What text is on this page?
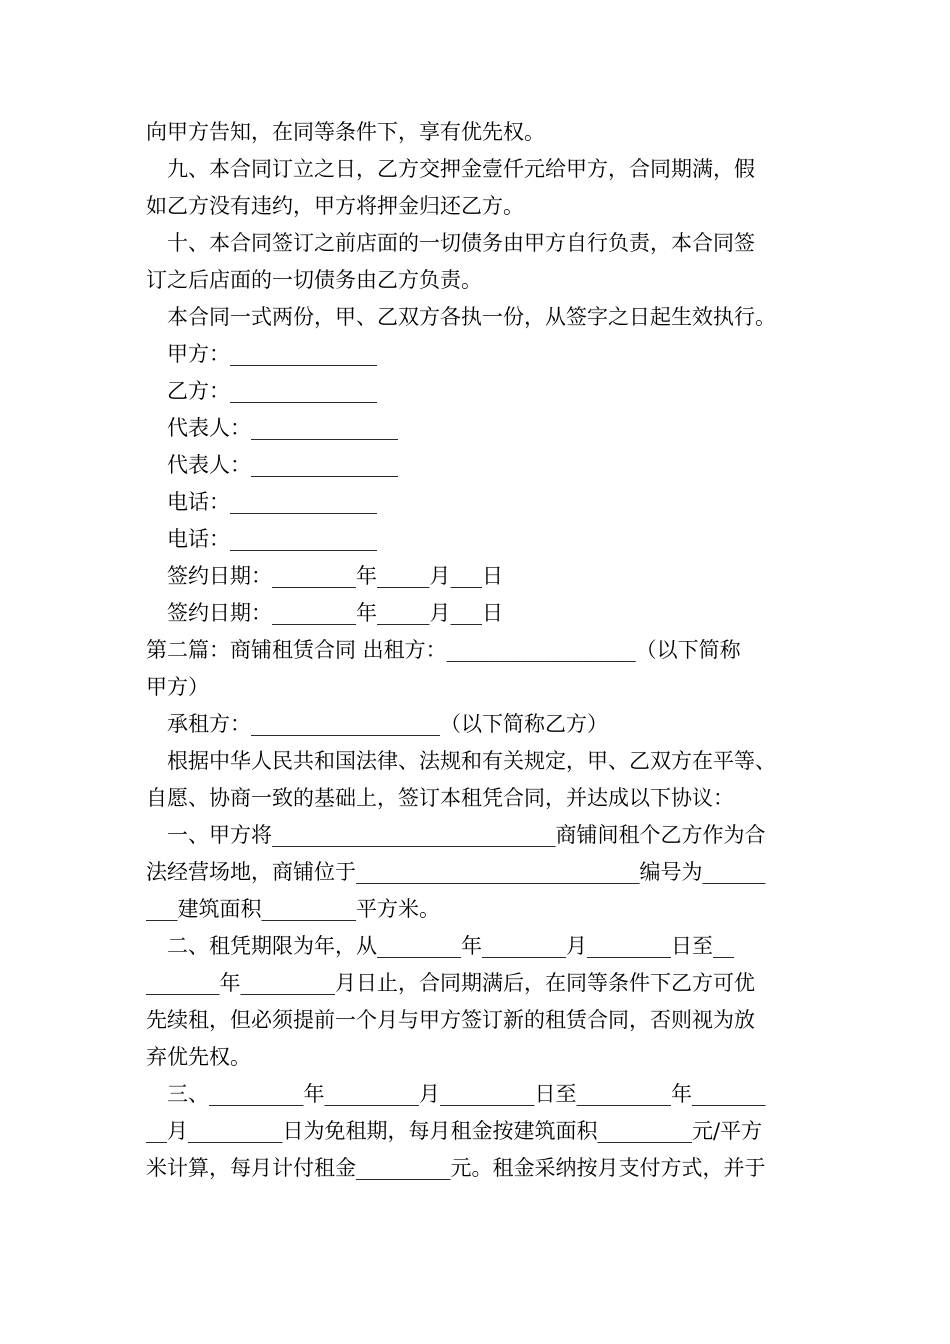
向甲方告知，在同等条件下，享有优先权。
九、本合同订立之日，乙方交押金壹仟元给甲方，合同期满，假
如乙方没有违约，甲方将押金归还乙方。
十、本合同签订之前店面的一切债务由甲方自行负责，本合同签
订之后店面的一切债务由乙方负责。
本合同一式两份，甲、乙双方各执一份，从签字之日起生效执行。
甲方：______________
乙方：______________
代表人：______________
代表人：______________
电话：______________
电话：______________
签约日期：________年_____月___日
签约日期：________年_____月___日
第二篇：商铺租赁合同 出租方：__________________（以下简称
甲方）
承租方：__________________（以下简称乙方）
根据中华人民共和国法律、法规和有关规定，甲、乙双方在平等、
自愿、协商一致的基础上，签订本租凭合同，并达成以下协议：
一、甲方将___________________________商铺间租个乙方作为合
法经营场地，商铺位于___________________________编号为______
___建筑面积_________平方米。
二、租凭期限为年，从________年________月________日至__
_______年_________月日止，合同期满后，在同等条件下乙方可优
先续租，但必须提前一个月与甲方签订新的租赁合同，否则视为放
弃优先权。
三、_________年_________月_________日至_________年_______
__月_________日为免租期，每月租金按建筑面积_________元/平方
米计算，每月计付租金_________元。租金采纳按月支付方式，并于
